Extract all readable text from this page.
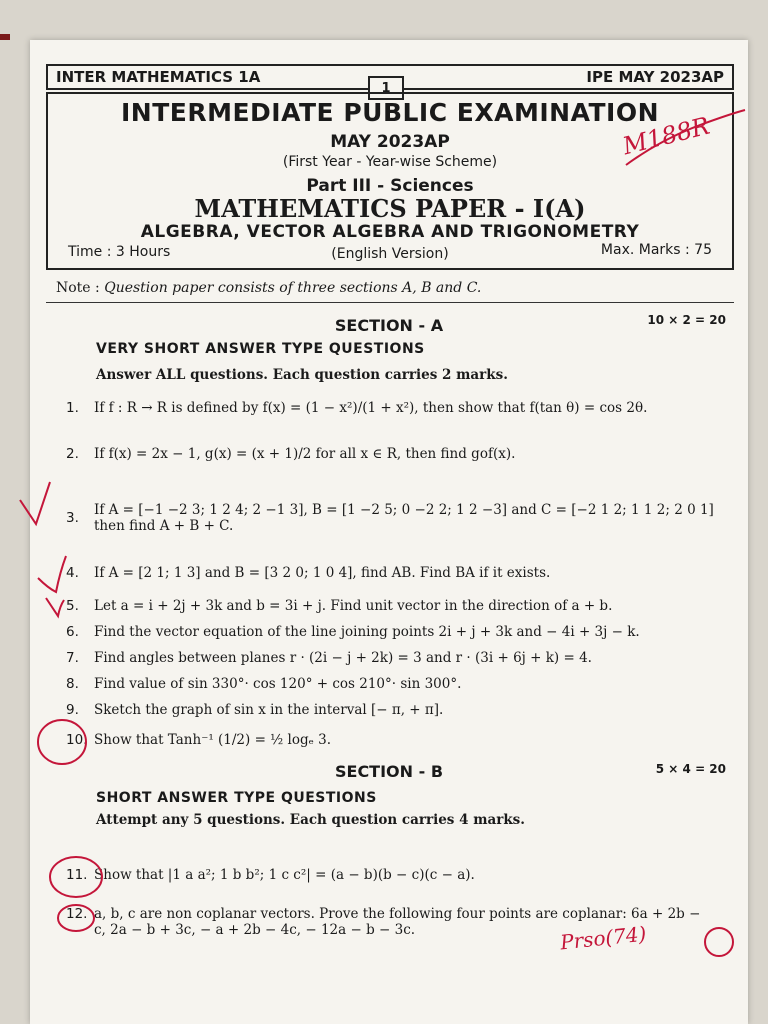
INTER MATHEMATICS 1A	IPE MAY 2023AP
1
INTERMEDIATE PUBLIC EXAMINATION
MAY 2023AP
(First Year - Year-wise Scheme)
Part III - Sciences
MATHEMATICS PAPER - I(A)
ALGEBRA, VECTOR ALGEBRA AND TRIGONOMETRY
Time : 3 Hours	(English Version)	Max. Marks : 75
Note : Question paper consists of three sections A, B and C.
SECTION - A	10 × 2 = 20
VERY SHORT ANSWER TYPE QUESTIONS
Answer ALL questions. Each question carries 2 marks.
1.	If f : R → R is defined by f(x) = (1 − x²)/(1 + x²), then show that f(tan θ) = cos 2θ.
2.	If f(x) = 2x − 1, g(x) = (x + 1)/2 for all x ∈ R, then find gof(x).
3.	If A = [−1 −2 3; 1 2 4; 2 −1 3], B = [1 −2 5; 0 −2 2; 1 2 −3] and C = [−2 1 2; 1 1 2; 2 0 1] then find A + B + C.
4.	If A = [2 1; 1 3] and B = [3 2 0; 1 0 4], find AB. Find BA if it exists.
5.	Let a = i + 2j + 3k and b = 3i + j. Find unit vector in the direction of a + b.
6.	Find the vector equation of the line joining points 2i + j + 3k and − 4i + 3j − k.
7.	Find angles between planes r · (2i − j + 2k) = 3 and r · (3i + 6j + k) = 4.
8.	Find value of sin 330°· cos 120° + cos 210°· sin 300°.
9.	Sketch the graph of sin x in the interval [− π, + π].
10. Show that Tanh⁻¹ (1/2) = ½ logₑ 3.
SECTION - B	5 × 4 = 20
SHORT ANSWER TYPE QUESTIONS
Attempt any 5 questions. Each question carries 4 marks.
11. Show that |1 a a²; 1 b b²; 1 c c²| = (a − b)(b − c)(c − a).
12. a, b, c are non coplanar vectors. Prove the following four points are coplanar: 6a + 2b − c, 2a − b + 3c, − a + 2b − 4c, − 12a − b − 3c.
M188R
Prso(74)
